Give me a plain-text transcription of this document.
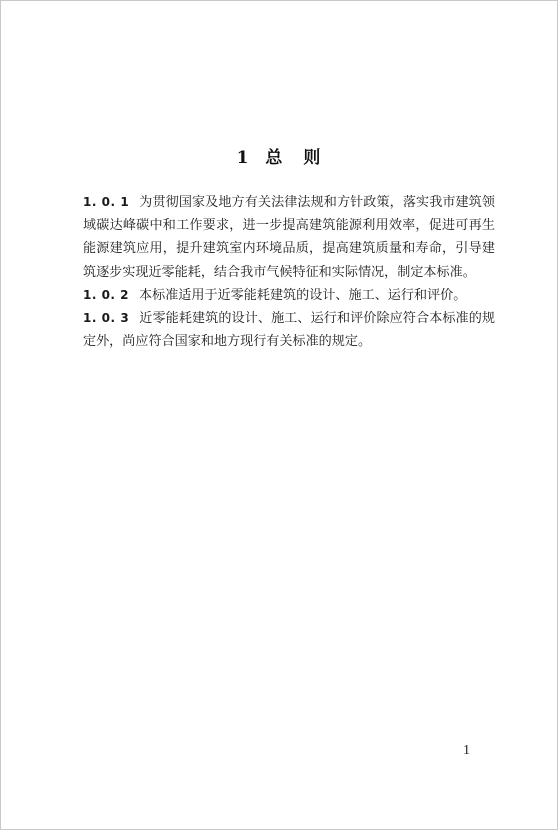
1 总 则

1. 0. 1 为贯彻国家及地方有关法律法规和方针政策，落实我市建筑领域碳达峰碳中和工作要求，进一步提高建筑能源利用效率，促进可再生能源建筑应用，提升建筑室内环境品质，提高建筑质量和寿命，引导建筑逐步实现近零能耗，结合我市气候特征和实际情况，制定本标准。

1. 0. 2 本标准适用于近零能耗建筑的设计、施工、运行和评价。

1. 0. 3 近零能耗建筑的设计、施工、运行和评价除应符合本标准的规定外，尚应符合国家和地方现行有关标准的规定。

1
